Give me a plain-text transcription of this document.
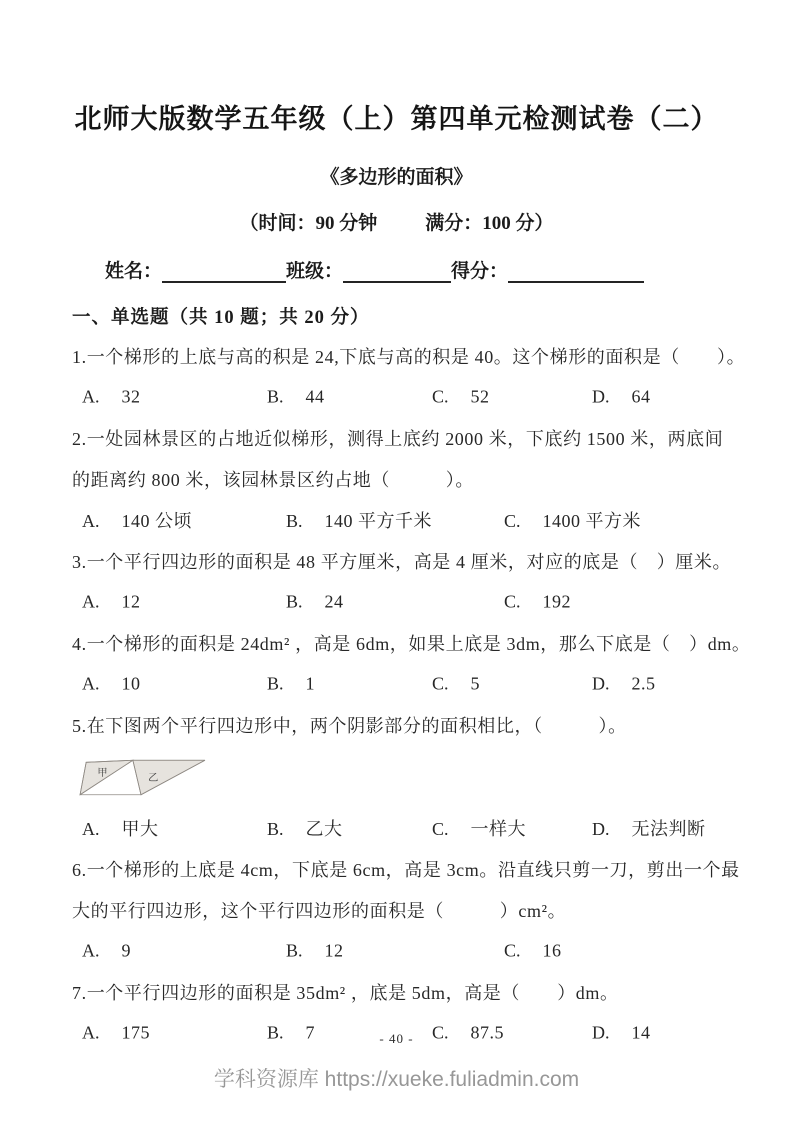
北师大版数学五年级（上）第四单元检测试卷（二）
《多边形的面积》
（时间：90 分钟	满分：100 分）
姓名：	班级：	得分：
一、单选题（共 10 题；共 20 分）
1.一个梯形的上底与高的积是 24,下底与高的积是 40。这个梯形的面积是（　　）。
A. 32	B. 44	C. 52	D. 64
2.一处园林景区的占地近似梯形，测得上底约 2000 米，下底约 1500 米，两底间
的距离约 800 米，该园林景区约占地（　　　）。
A. 140 公顷	B. 140 平方千米	C. 1400 平方米
3.一个平行四边形的面积是 48 平方厘米，高是 4 厘米，对应的底是（　）厘米。
A. 12	B. 24	C. 192
4.一个梯形的面积是 24dm² ，高是 6dm，如果上底是 3dm，那么下底是（　）dm。
A. 10	B. 1	C. 5	D. 2.5
5.在下图两个平行四边形中，两个阴影部分的面积相比，（　　　）。
甲	乙
A. 甲大	B. 乙大	C. 一样大	D. 无法判断
6.一个梯形的上底是 4cm，下底是 6cm，高是 3cm。沿直线只剪一刀，剪出一个最
大的平行四边形，这个平行四边形的面积是（　　　）cm²。
A. 9	B. 12	C. 16
7.一个平行四边形的面积是 35dm² ，底是 5dm，高是（　　）dm。
A. 175	B. 7	C. 87.5	D. 14
- 40 -
学科资源库 https://xueke.fuliadmin.com
